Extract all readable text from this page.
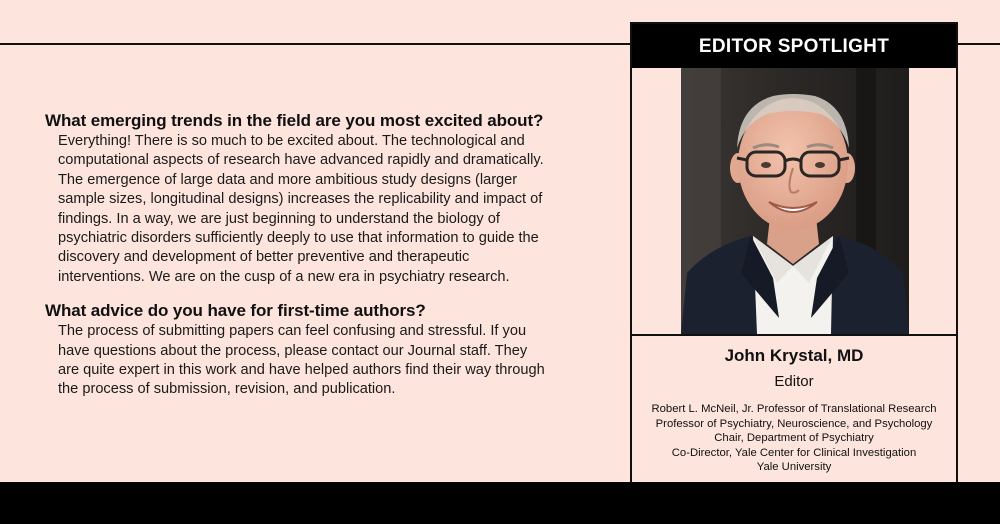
What emerging trends in the field are you most excited about?

Everything! There is so much to be excited about. The technological and
computational aspects of research have advanced rapidly and dramatically.
The emergence of large data and more ambitious study designs (larger
sample sizes, longitudinal designs) increases the replicability and impact of
findings. In a way, we are just beginning to understand the biology of
psychiatric disorders sufficiently deeply to use that information to guide the
discovery and development of better preventive and therapeutic
interventions. We are on the cusp of a new era in psychiatry research.

What advice do you have for first-time authors?

The process of submitting papers can feel confusing and stressful. If you
have questions about the process, please contact our Journal staff. They
are quite expert in this work and have helped authors find their way through
the process of submission, revision, and publication.

EDITOR SPOTLIGHT
John Krystal, MD
Editor
Robert L. McNeil, Jr. Professor of Translational Research
Professor of Psychiatry, Neuroscience, and Psychology
Chair, Department of Psychiatry
Co-Director, Yale Center for Clinical Investigation
Yale University
